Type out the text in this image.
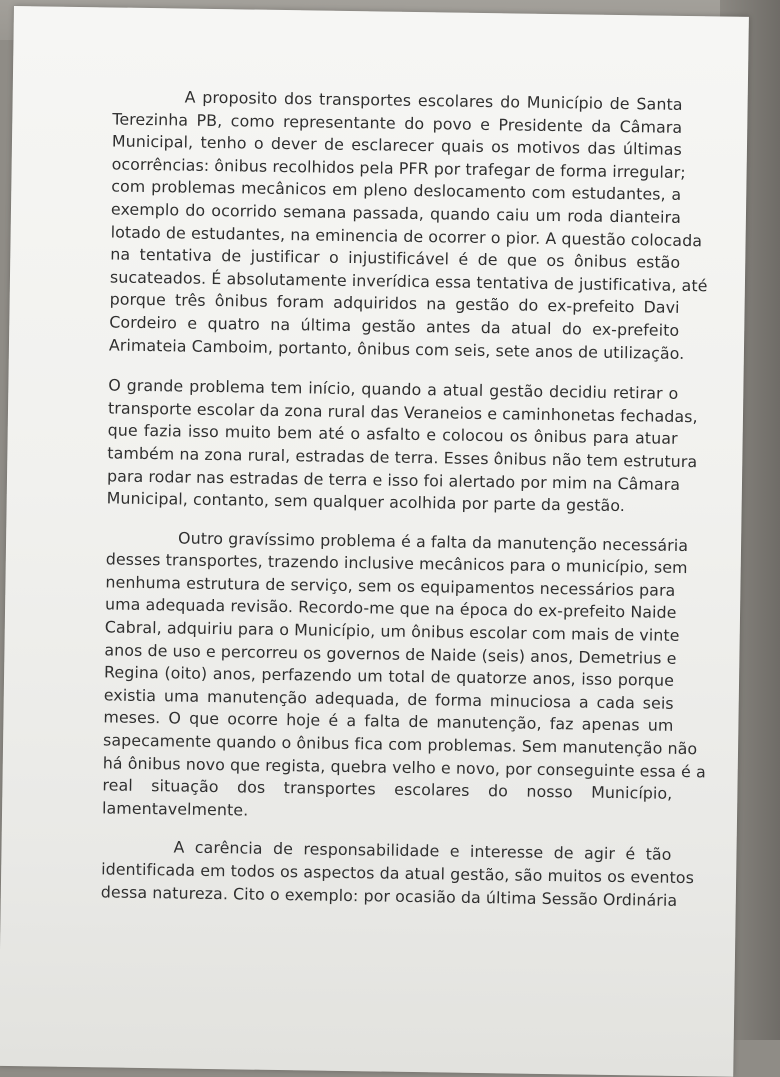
A proposito dos transportes escolares do Município de Santa
Terezinha PB, como representante do povo e Presidente da Câmara
Municipal, tenho o dever de esclarecer quais os motivos das últimas
ocorrências: ônibus recolhidos pela PFR por trafegar de forma irregular;
com problemas mecânicos em pleno deslocamento com estudantes, a
exemplo do ocorrido semana passada, quando caiu um roda dianteira
lotado de estudantes, na eminencia de ocorrer o pior. A questão colocada
na tentativa de justificar o injustificável é de que os ônibus estão
sucateados. É absolutamente inverídica essa tentativa de justificativa, até
porque três ônibus foram adquiridos na gestão do ex-prefeito Davi
Cordeiro e quatro na última gestão antes da atual do ex-prefeito
Arimateia Camboim, portanto, ônibus com seis, sete anos de utilização.

O grande problema tem início, quando a atual gestão decidiu retirar o
transporte escolar da zona rural das Veraneios e caminhonetas fechadas,
que fazia isso muito bem até o asfalto e colocou os ônibus para atuar
também na zona rural, estradas de terra. Esses ônibus não tem estrutura
para rodar nas estradas de terra e isso foi alertado por mim na Câmara
Municipal, contanto, sem qualquer acolhida por parte da gestão.

Outro gravíssimo problema é a falta da manutenção necessária
desses transportes, trazendo inclusive mecânicos para o município, sem
nenhuma estrutura de serviço, sem os equipamentos necessários para
uma adequada revisão. Recordo-me que na época do ex-prefeito Naide
Cabral, adquiriu para o Município, um ônibus escolar com mais de vinte
anos de uso e percorreu os governos de Naide (seis) anos, Demetrius e
Regina (oito) anos, perfazendo um total de quatorze anos, isso porque
existia uma manutenção adequada, de forma minuciosa a cada seis
meses. O que ocorre hoje é a falta de manutenção, faz apenas um
sapecamente quando o ônibus fica com problemas. Sem manutenção não
há ônibus novo que regista, quebra velho e novo, por conseguinte essa é a
real situação dos transportes escolares do nosso Município,
lamentavelmente.

A carência de responsabilidade e interesse de agir é tão
identificada em todos os aspectos da atual gestão, são muitos os eventos
dessa natureza. Cito o exemplo: por ocasião da última Sessão Ordinária
